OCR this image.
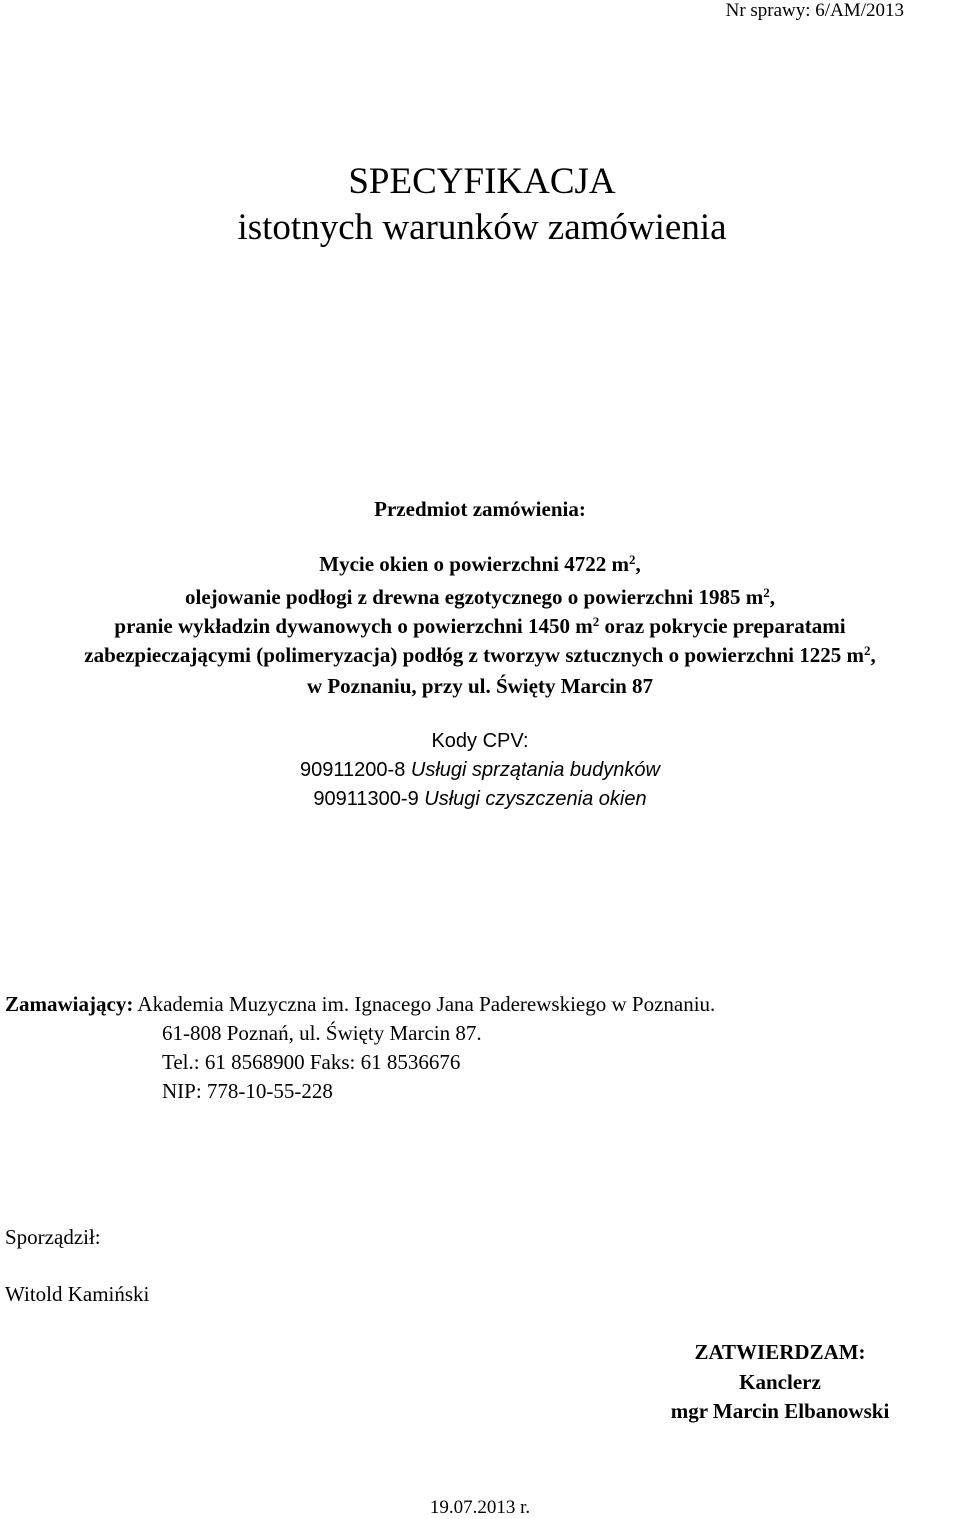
Nr sprawy: 6/AM/2013
SPECYFIKACJA
istotnych warunków zamówienia
Przedmiot zamówienia:
Mycie okien o powierzchni 4722 $m^2$,
olejowanie podłogi z drewna egzotycznego o powierzchni 1985 $m^2$,
pranie wykładzin dywanowych o powierzchni 1450 $m^2$ oraz pokrycie preparatami
zabezpieczającymi (polimeryzacja) podłóg z tworzyw sztucznych o powierzchni 1225 $m^2$,
w Poznaniu, przy ul. Święty Marcin 87
Kody CPV:
90911200-8 Usługi sprzątania budynków
90911300-9 Usługi czyszczenia okien
Zamawiający: Akademia Muzyczna im. Ignacego Jana Paderewskiego w Poznaniu.
61-808 Poznań, ul. Święty Marcin 87.
Tel.: 61 8568900 Faks: 61 8536676
NIP: 778-10-55-228
Sporządził:
Witold Kamiński
ZATWIERDZAM:
Kanclerz
mgr Marcin Elbanowski
19.07.2013 r.
